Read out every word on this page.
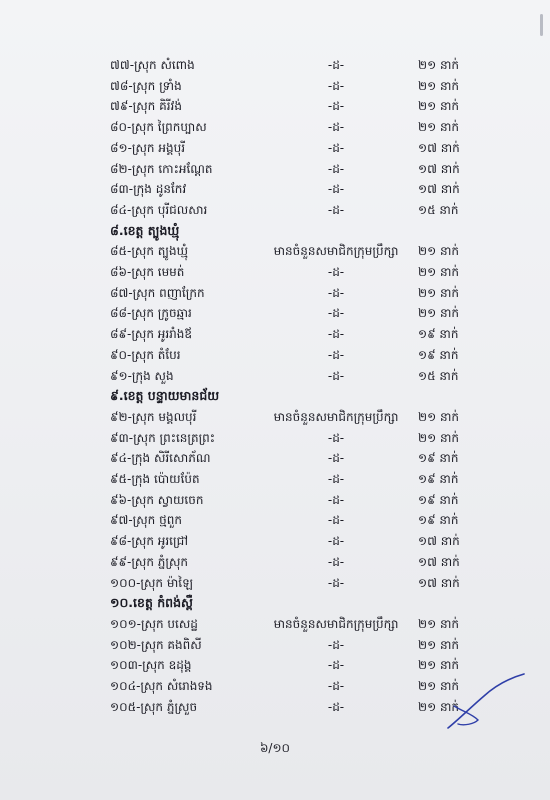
៧៧-ស្រុក សំពោង	-ដ-	២១ នាក់
៧៨-ស្រុក ទ្រាំង	-ដ-	២១ នាក់
៧៩-ស្រុក គិរីវង់	-ដ-	២១ នាក់
៨០-ស្រុក ព្រៃកប្បាស	-ដ-	២១ នាក់
៨១-ស្រុក អង្គបុរី	-ដ-	១៧ នាក់
៨២-ស្រុក កោះអណ្តែត	-ដ-	១៧ នាក់
៨៣-ក្រុង ដូនកែវ	-ដ-	១៧ នាក់
៨៤-ស្រុក បុរីជលសារ	-ដ-	១៥ នាក់
៨.ខេត្ត ត្បូងឃ្មុំ
៨៥-ស្រុក ត្បូងឃ្មុំ	មានចំនួនសមាជិកក្រុមប្រឹក្សា	២១ នាក់
៨៦-ស្រុក មេមត់	-ដ-	២១ នាក់
៨៧-ស្រុក ពញាក្រែក	-ដ-	២១ នាក់
៨៨-ស្រុក ក្រូចឆ្មារ	-ដ-	២១ នាក់
៨៩-ស្រុក អូររាំងឪ	-ដ-	១៩ នាក់
៩០-ស្រុក តំបែរ	-ដ-	១៩ នាក់
៩១-ក្រុង សួង	-ដ-	១៥ នាក់
៩.ខេត្ត បន្ទាយមានជ័យ
៩២-ស្រុក មង្គលបុរី	មានចំនួនសមាជិកក្រុមប្រឹក្សា	២១ នាក់
៩៣-ស្រុក ព្រះនេត្រព្រះ	-ដ-	២១ នាក់
៩៤-ក្រុង សិរីសោភ័ណ	-ដ-	១៩ នាក់
៩៥-ក្រុង ប៉ោយប៉ែត	-ដ-	១៩ នាក់
៩៦-ស្រុក ស្វាយចេក	-ដ-	១៩ នាក់
៩៧-ស្រុក ថ្មពួក	-ដ-	១៩ នាក់
៩៨-ស្រុក អូរជ្រៅ	-ដ-	១៧ នាក់
៩៩-ស្រុក ភ្នំស្រុក	-ដ-	១៧ នាក់
១០០-ស្រុក ម៉ាឡៃ	-ដ-	១៧ នាក់
១០.ខេត្ត កំពង់ស្ពឺ
១០១-ស្រុក បសេដ្ឋ	មានចំនួនសមាជិកក្រុមប្រឹក្សា	២១ នាក់
១០២-ស្រុក គងពិសី	-ដ-	២១ នាក់
១០៣-ស្រុក ឧដុង្គ	-ដ-	២១ នាក់
១០៤-ស្រុក សំរោងទង	-ដ-	២១ នាក់
១០៥-ស្រុក ភ្នំស្រួច	-ដ-	២១ នាក់
៦/១០
